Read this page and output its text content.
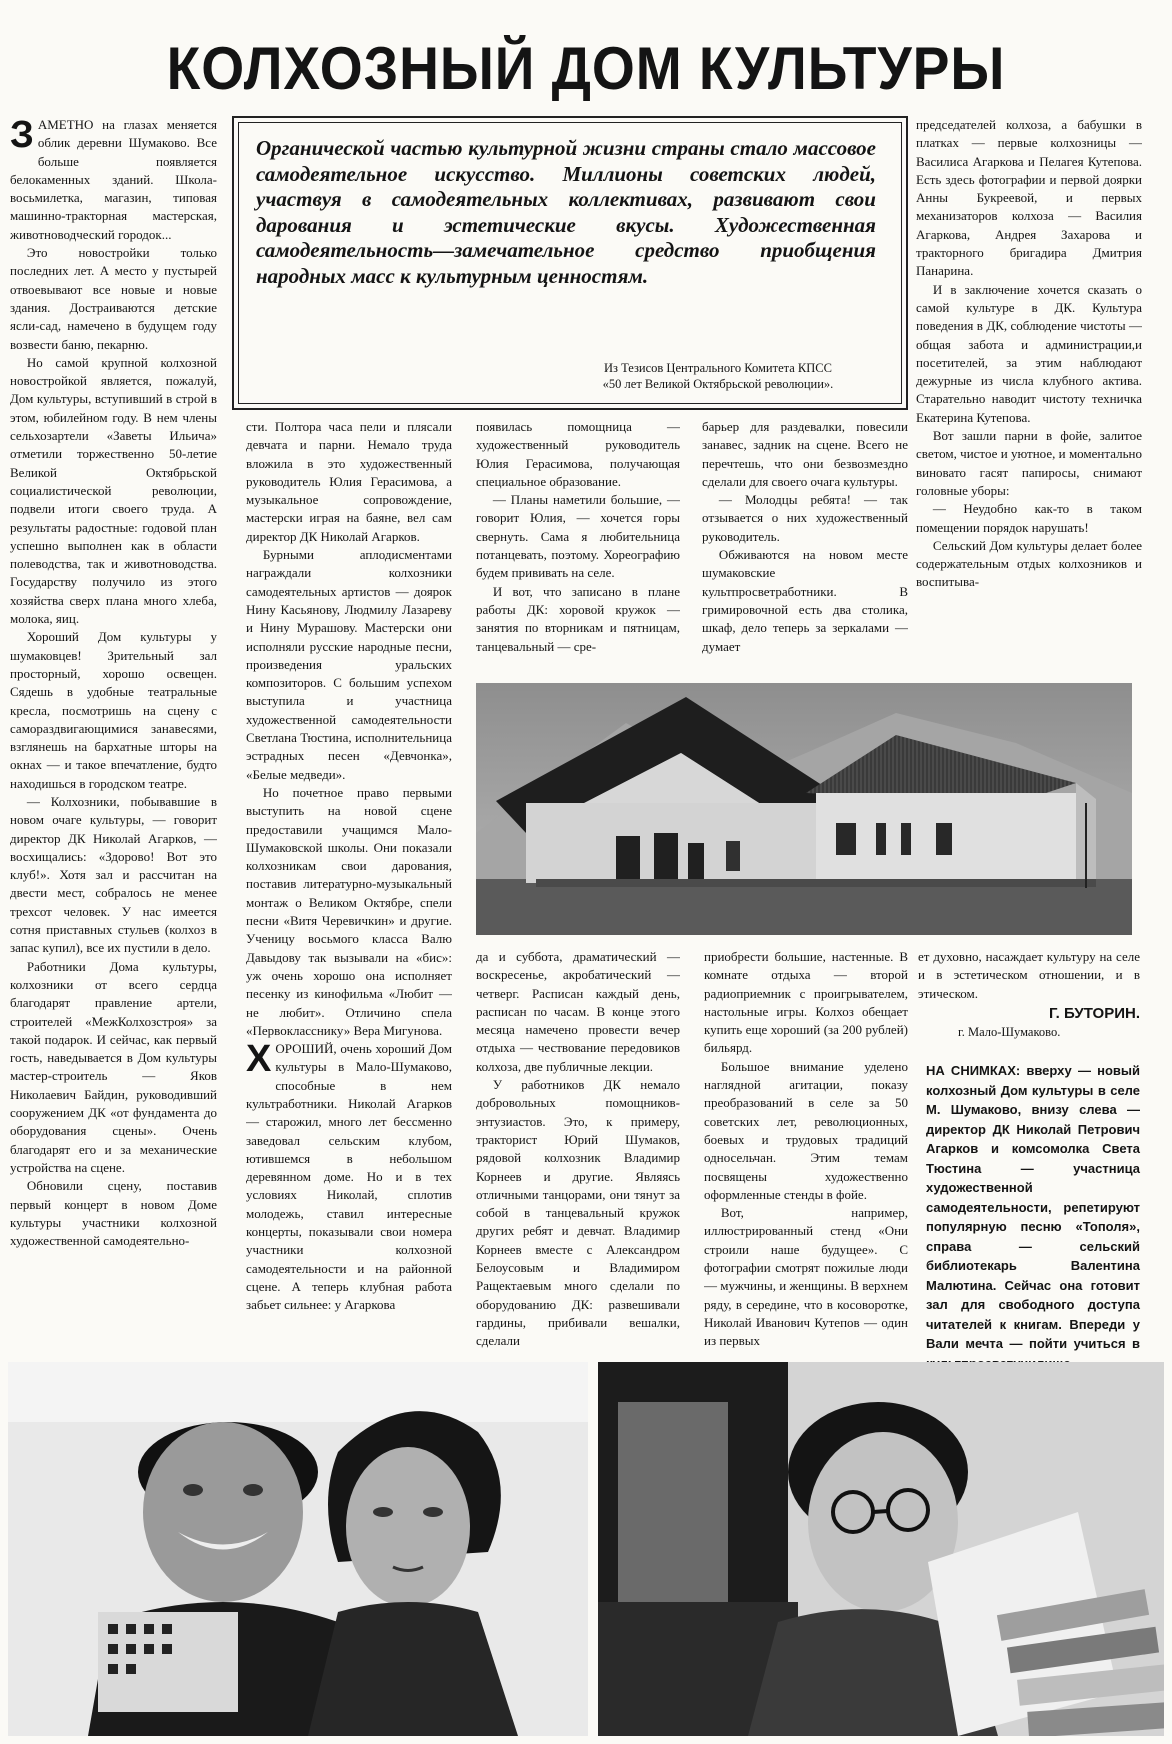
КОЛХОЗНЫЙ ДОМ КУЛЬТУРЫ

ЗАМЕТНО на глазах меняется облик деревни Шумаково. Все больше появляется белокаменных зданий. Школа-восьмилетка, магазин, типовая машинно-тракторная мастерская, животноводческий городок...

Это новостройки только последних лет. А место у пустырей отвоевывают все новые и новые здания. Достраиваются детские ясли-сад, намечено в будущем году возвести баню, пекарню.

Но самой крупной колхозной новостройкой является, пожалуй, Дом культуры, вступивший в строй в этом, юбилейном году. В нем члены сельхозартели «Заветы Ильича» отметили торжественно 50-летие Великой Октябрьской социалистической революции, подвели итоги своего труда. А результаты радостные: годовой план успешно выполнен как в области полеводства, так и животноводства. Государству получило из этого хозяйства сверх плана много хлеба, молока, яиц.

Хороший Дом культуры у шумаковцев! Зрительный зал просторный, хорошо освещен. Сядешь в удобные театральные кресла, посмотришь на сцену с самораздвигающимися занавесями, взглянешь на бархатные шторы на окнах — и такое впечатление, будто находишься в городском театре.

— Колхозники, побывавшие в новом очаге культуры, — говорит директор ДК Николай Агарков, — восхищались: «Здорово! Вот это клуб!». Хотя зал и рассчитан на двести мест, собралось не менее трехсот человек. У нас имеется сотня приставных стульев (колхоз в запас купил), все их пустили в дело.

Работники Дома культуры, колхозники от всего сердца благодарят правление артели, строителей «МежКолхозстроя» за такой подарок. И сейчас, как первый гость, наведывается в Дом культуры мастер-строитель — Яков Николаевич Байдин, руководивший сооружением ДК «от фундамента до оборудования сцены». Очень благодарят его и за механические устройства на сцене.

Обновили сцену, поставив первый концерт в новом Доме культуры участники колхозной художественной самодеятельно-

Органической частью культурной жизни страны стало массовое самодеятельное искусство. Миллионы советских людей, участвуя в самодеятельных коллективах, развивают свои дарования и эстетические вкусы. Художественная самодеятельность—замечательное средство приобщения народных масс к культурным ценностям.
Из Тезисов Центрального Комитета КПСС
«50 лет Великой Октябрьской революции».

председателей колхоза, а бабушки в платках — первые колхозницы — Василиса Агаркова и Пелагея Кутепова. Есть здесь фотографии и первой доярки Анны Букреевой, и первых механизаторов колхоза — Василия Агаркова, Андрея Захарова и тракторного бригадира Дмитрия Панарина.

И в заключение хочется сказать о самой культуре в ДК. Культура поведения в ДК, соблюдение чистоты — общая забота и администрации,и посетителей, за этим наблюдают дежурные из числа клубного актива. Старательно наводит чистоту техничка Екатерина Кутепова.

Вот зашли парни в фойе, залитое светом, чистое и уютное, и моментально виновато гасят папиросы, снимают головные уборы:

— Неудобно как-то в таком помещении порядок нарушать!

Сельский Дом культуры делает более содержательным отдых колхозников и воспитыва-

сти. Полтора часа пели и плясали девчата и парни. Немало труда вложила в это художественный руководитель Юлия Герасимова, а музыкальное сопровождение, мастерски играя на баяне, вел сам директор ДК Николай Агарков.

Бурными аплодисментами награждали колхозники самодеятельных артистов — доярок Нину Касьянову, Людмилу Лазареву и Нину Мурашову. Мастерски они исполняли русские народные песни, произведения уральских композиторов. С большим успехом выступила и участница художественной самодеятельности Светлана Тюстина, исполнительница эстрадных песен «Девчонка», «Белые медведи».

Но почетное право первыми выступить на новой сцене предоставили учащимся Мало-Шумаковской школы. Они показали колхозникам свои дарования, поставив литературно-музыкальный монтаж о Великом Октябре, спели песни «Витя Черевичкин» и другие. Ученицу восьмого класса Валю Давыдову так вызывали на «бис»: уж очень хорошо она исполняет песенку из кинофильма «Любит — не любит». Отличино спела «Первокласснику» Вера Мигунова.

ХОРОШИЙ, очень хороший Дом культуры в Мало-Шумаково, способные в нем культработники. Николай Агарков — старожил, много лет бессменно заведовал сельским клубом, ютившемся в небольшом деревянном доме. Но и в тех условиях Николай, сплотив молодежь, ставил интересные концерты, показывали свои номера участники колхозной самодеятельности и на районной сцене. А теперь клубная работа забьет сильнее: у Агаркова

появилась помощница — художественный руководитель Юлия Герасимова, получающая специальное образование.

— Планы наметили большие, — говорит Юлия, — хочется горы свернуть. Сама я любительница потанцевать, поэтому. Хореографию будем прививать на селе.

И вот, что записано в плане работы ДК: хоровой кружок — занятия по вторникам и пятницам, танцевальный — сре-

барьер для раздевалки, повесили занавес, задник на сцене. Всего не перечтешь, что они безвозмездно сделали для своего очага культуры.

— Молодцы ребята! — так отзывается о них художественный руководитель.

Обживаются на новом месте шумаковские культпросветработники. В гримировочной есть два столика, шкаф, дело теперь за зеркалами — думает

ет духовно, насаждает культуру на селе и в эстетическом отношении, и в этическом.

Г. БУТОРИН.
г. Мало-Шумаково.
НА СНИМКАХ: вверху — новый колхозный Дом культуры в селе М. Шумаково, внизу слева — директор ДК Николай Петрович Агарков и комсомолка Света Тюстина — участница художественной самодеятельности, репетируют популярную песню «Тополя», справа — сельский библиотекарь Валентина Малютина. Сейчас она готовит зал для свободного доступа читателей к книгам. Впереди у Вали мечта — пойти учиться в

да и суббота, драматический — воскресенье, акробатический — четверг. Расписан каждый день, расписан по часам. В конце этого месяца намечено провести вечер отдыха — чествование передовиков колхоза, две публичные лекции.

У работников ДК немало добровольных помощников-энтузиастов. Это, к примеру, тракторист Юрий Шумаков, рядовой колхозник Владимир Корнеев и другие. Являясь отличными танцорами, они тянут за собой в танцевальный кружок других ребят и девчат. Владимир Корнеев вместе с Александром Белоусовым и Владимиром Ращектаевым много сделали по оборудованию ДК: развешивали гардины, прибивали вешалки, сделали

приобрести большие, настенные. В комнате отдыха — второй радиоприемник с проигрывателем, настольные игры. Колхоз обещает купить еще хороший (за 200 рублей) бильярд.

Большое внимание уделено наглядной агитации, показу преобразований в селе за 50 советских лет, революционных, боевых и трудовых традиций односельчан. Этим темам посвящены художественно оформленные стенды в фойе.

Вот, например, иллюстрированный стенд «Они строили наше будущее». С фотографии смотрят пожилые люди — мужчины, и женщины. В верхнем ряду, в середине, что в косоворотке, Николай Иванович Кутепов — один из первых
